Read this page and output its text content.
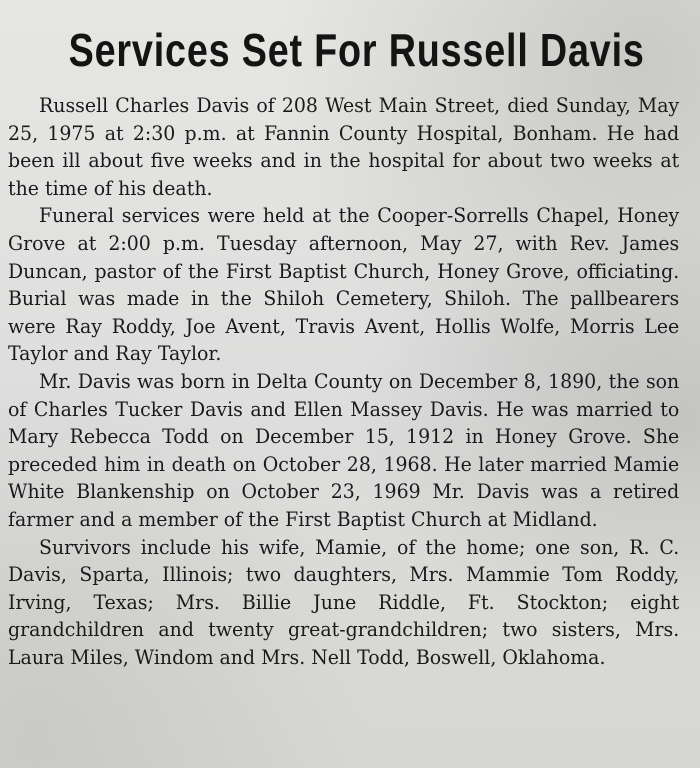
Services Set For Russell Davis

Russell Charles Davis of 208 West Main Street, died Sunday, May 25, 1975 at 2:30 p.m. at Fannin County Hospital, Bonham. He had been ill about five weeks and in the hospital for about two weeks at the time of his death.

Funeral services were held at the Cooper-Sorrells Chapel, Honey Grove at 2:00 p.m. Tuesday afternoon, May 27, with Rev. James Duncan, pastor of the First Baptist Church, Honey Grove, officiating. Burial was made in the Shiloh Cemetery, Shiloh. The pallbearers were Ray Roddy, Joe Avent, Travis Avent, Hollis Wolfe, Morris Lee Taylor and Ray Taylor.

Mr. Davis was born in Delta County on December 8, 1890, the son of Charles Tucker Davis and Ellen Massey Davis. He was married to Mary Rebecca Todd on December 15, 1912 in Honey Grove. She preceded him in death on October 28, 1968. He later married Mamie White Blankenship on October 23, 1969 Mr. Davis was a retired farmer and a member of the First Baptist Church at Midland.

Survivors include his wife, Mamie, of the home; one son, R. C. Davis, Sparta, Illinois; two daughters, Mrs. Mammie Tom Roddy, Irving, Texas; Mrs. Billie June Riddle, Ft. Stockton; eight grandchildren and twenty great-grandchildren; two sisters, Mrs. Laura Miles, Windom and Mrs. Nell Todd, Boswell, Oklahoma.
